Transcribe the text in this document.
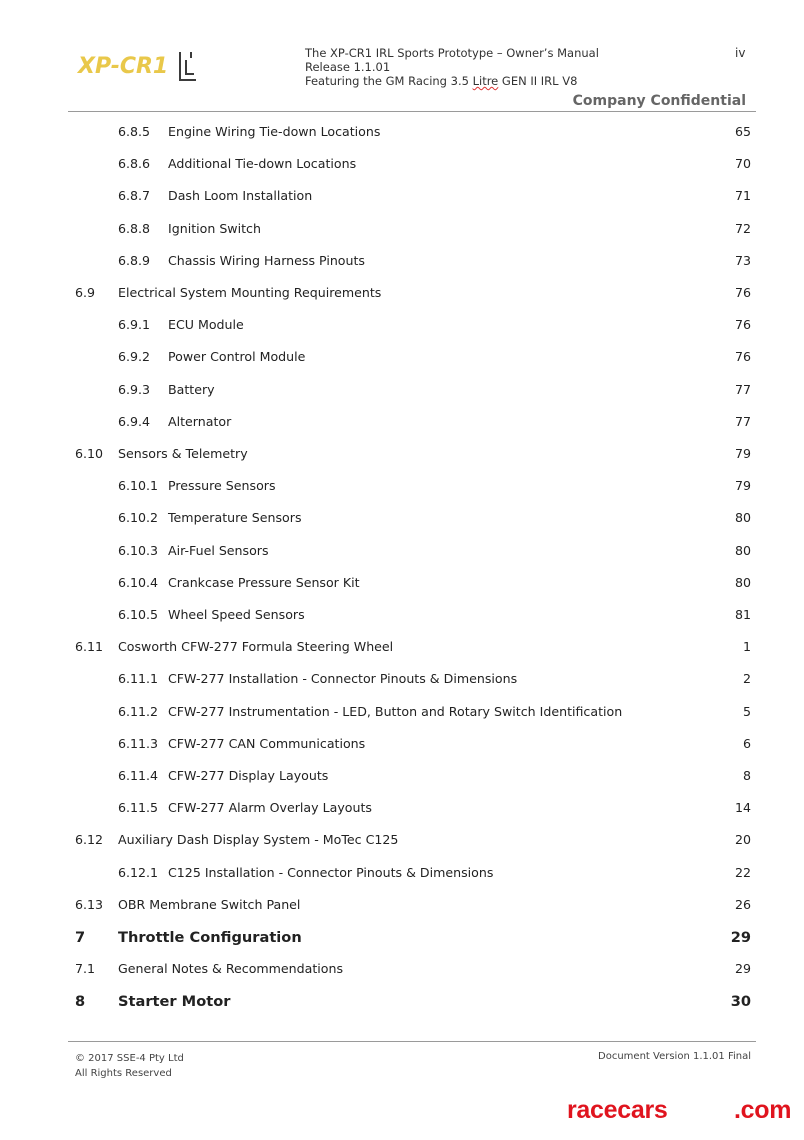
XP-CR1
The XP-CR1 IRL Sports Prototype – Owner’s Manual
Release 1.1.01
Featuring the GM Racing 3.5 Litre GEN II IRL V8
iv
Company Confidential
6.8.5 Engine Wiring Tie-down Locations	65
6.8.6 Additional Tie-down Locations	70
6.8.7 Dash Loom Installation	71
6.8.8 Ignition Switch	72
6.8.9 Chassis Wiring Harness Pinouts	73
6.9 Electrical System Mounting Requirements	76
6.9.1 ECU Module	76
6.9.2 Power Control Module	76
6.9.3 Battery	77
6.9.4 Alternator	77
6.10 Sensors & Telemetry	79
6.10.1 Pressure Sensors	79
6.10.2 Temperature Sensors	80
6.10.3 Air-Fuel Sensors	80
6.10.4 Crankcase Pressure Sensor Kit	80
6.10.5 Wheel Speed Sensors	81
6.11 Cosworth CFW-277 Formula Steering Wheel	1
6.11.1 CFW-277 Installation - Connector Pinouts & Dimensions	2
6.11.2 CFW-277 Instrumentation - LED, Button and Rotary Switch Identification	5
6.11.3 CFW-277 CAN Communications	6
6.11.4 CFW-277 Display Layouts	8
6.11.5 CFW-277 Alarm Overlay Layouts	14
6.12 Auxiliary Dash Display System - MoTec C125	20
6.12.1 C125 Installation - Connector Pinouts & Dimensions	22
6.13 OBR Membrane Switch Panel	26
7 Throttle Configuration	29
7.1 General Notes & Recommendations	29
8 Starter Motor	30
© 2017 SSE-4 Pty Ltd
All Rights Reserved
Document Version 1.1.01 Final
racecars	.com
